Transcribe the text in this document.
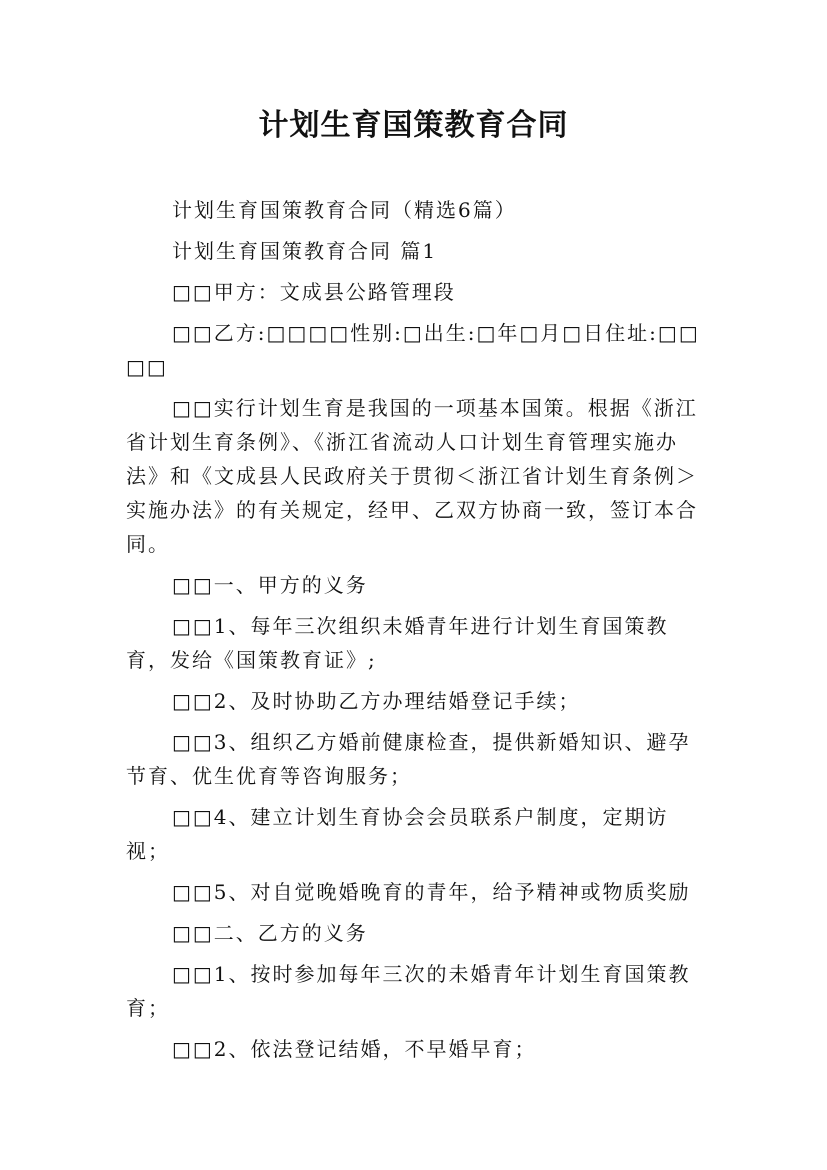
计划生育国策教育合同

计划生育国策教育合同（精选6篇）

计划生育国策教育合同 篇1

□□甲方：文成县公路管理段

□□乙方:□□□□性别:□出生:□年□月□日住址:□□□□

□□实行计划生育是我国的一项基本国策。根据《浙江省计划生育条例》、《浙江省流动人口计划生育管理实施办法》和《文成县人民政府关于贯彻＜浙江省计划生育条例＞实施办法》的有关规定，经甲、乙双方协商一致，签订本合同。

□□一、甲方的义务

□□1、每年三次组织未婚青年进行计划生育国策教育，发给《国策教育证》;

□□2、及时协助乙方办理结婚登记手续；

□□3、组织乙方婚前健康检查，提供新婚知识、避孕节育、优生优育等咨询服务；

□□4、建立计划生育协会会员联系户制度，定期访视；

□□5、对自觉晚婚晚育的青年，给予精神或物质奖励

□□二、乙方的义务

□□1、按时参加每年三次的未婚青年计划生育国策教育；

□□2、依法登记结婚，不早婚早育；
